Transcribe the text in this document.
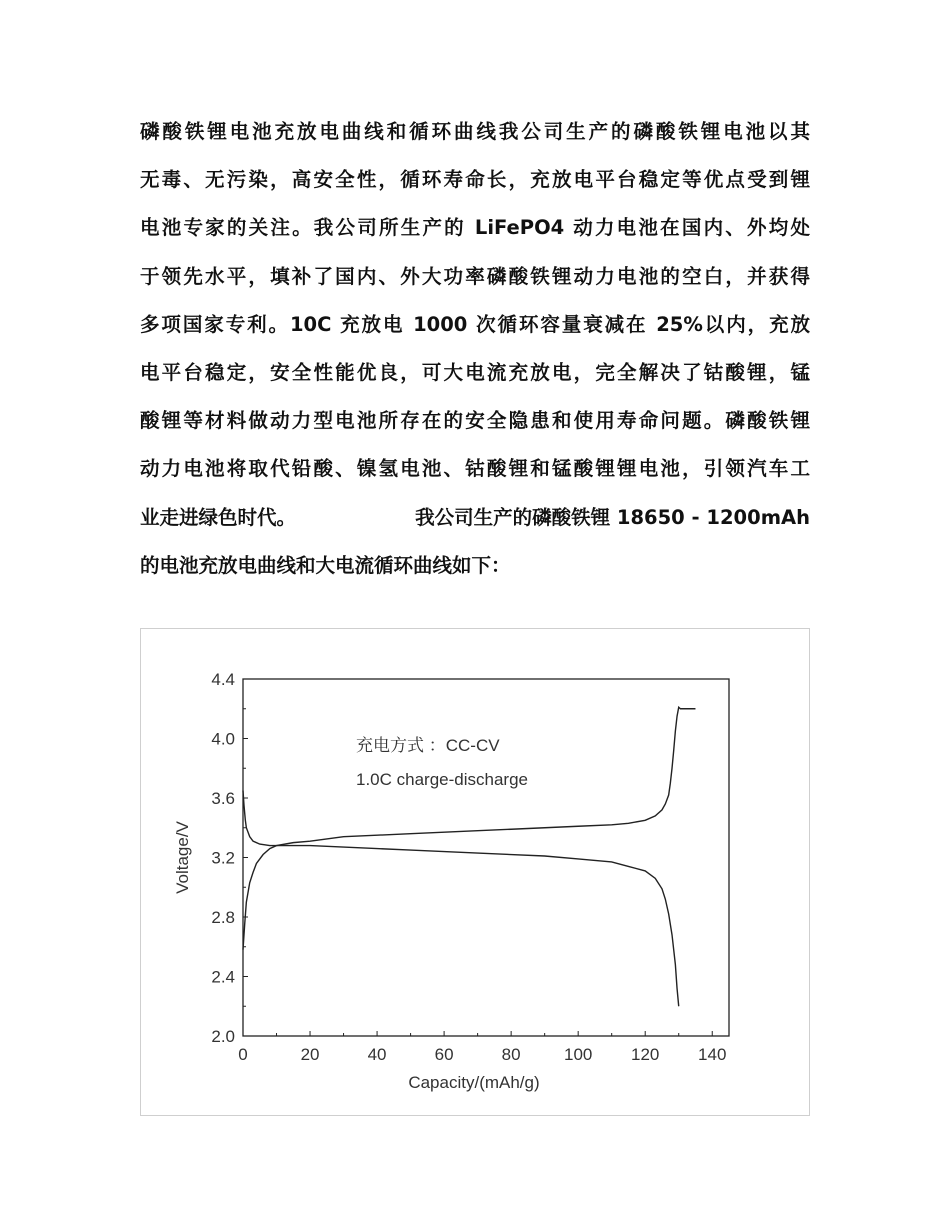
磷酸铁锂电池充放电曲线和循环曲线我公司生产的磷酸铁锂电池以其
无毒、无污染，高安全性，循环寿命长，充放电平台稳定等优点受到锂
电池专家的关注。我公司所生产的 LiFePO4 动力电池在国内、外均处
于领先水平，填补了国内、外大功率磷酸铁锂动力电池的空白，并获得
多项国家专利。10C 充放电 1000 次循环容量衰减在 25%以内，充放
电平台稳定，安全性能优良，可大电流充放电，完全解决了钴酸锂，锰
酸锂等材料做动力型电池所存在的安全隐患和使用寿命问题。磷酸铁锂
动力电池将取代铅酸、镍氢电池、钴酸锂和锰酸锂锂电池，引领汽车工
业走进绿色时代。	我公司生产的磷酸铁锂 18650 - 1200mAh
的电池充放电曲线和大电流循环曲线如下：
0	20	40	60	80	100 120 140
2.0
2.4
2.8
3.2
3.6
4.0
4.4
Capacity/(mAh/g)
Voltage/V
充电方式 ：CC-CV
1.0C charge-discharge
